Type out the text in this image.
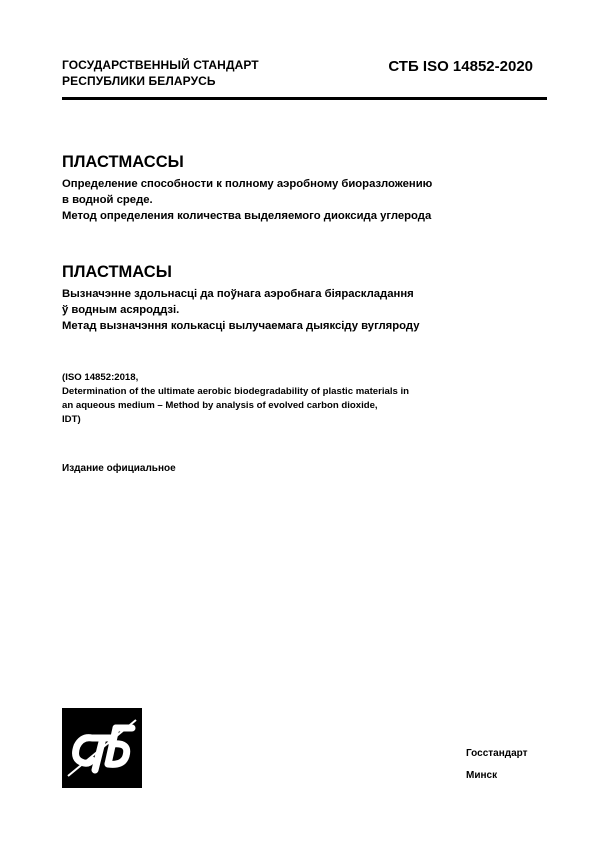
ГОСУДАРСТВЕННЫЙ СТАНДАРТ
РЕСПУБЛИКИ БЕЛАРУСЬ
СТБ ISO 14852-2020
ПЛАСТМАССЫ

Определение способности к полному аэробному биоразложению

в водной среде.

Метод определения количества выделяемого диоксида углерода

ПЛАСТМАСЫ

Вызначэнне здольнасці да поўнага аэробнага біяраскладання

ў водным асяроддзі.

Метад вызначэння колькасці вылучаемага дыяксіду вугляроду

(ISO 14852:2018,

Determination of the ultimate aerobic biodegradability of plastic materials in

an aqueous medium – Method by analysis of evolved carbon dioxide,

IDT)

Издание официальное
Госстандарт
Минск
